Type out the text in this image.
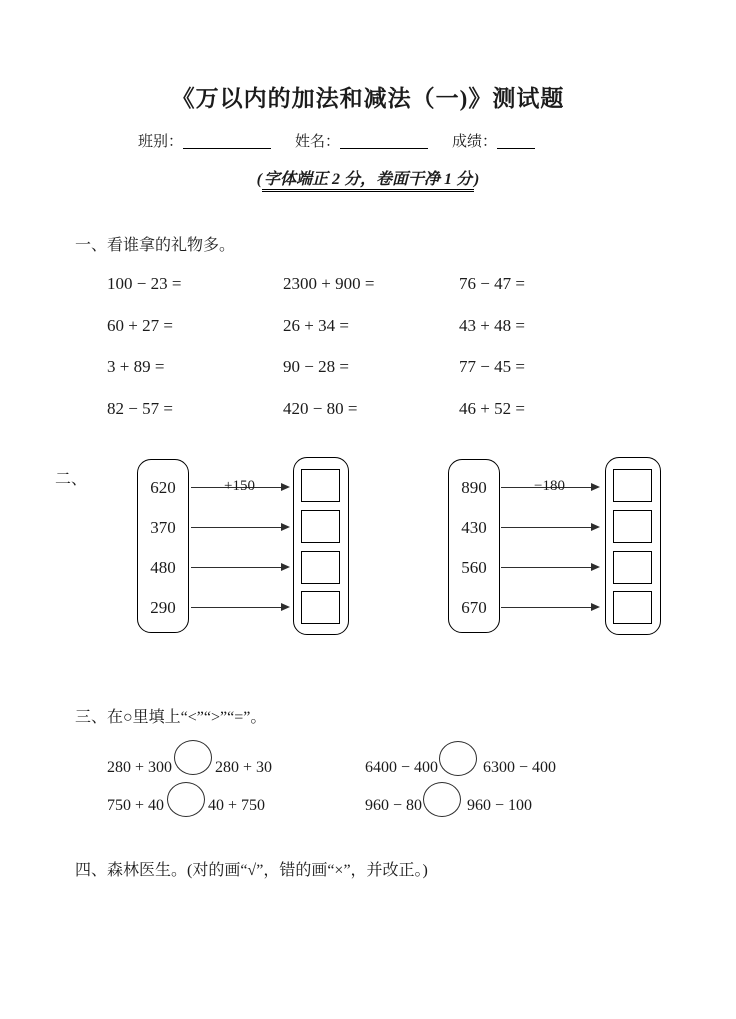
《万以内的加法和减法（一)》测试题
班别：	姓名：	成绩：
( 字体端正 2 分，卷面干净 1 分 )
一、看谁拿的礼物多。
100 − 23 =	2300 + 900 =	76 − 47 =
60 + 27 =	26 + 34 =	43 + 48 =
3 + 89 =	90 − 28 =	77 − 45 =
82 − 57 =	420 − 80 =	46 + 52 =
二、	620
370
480
290
+150	890
430
560
670
−180
三、在○里填上“<”“>”“=”。
280 + 300	280 + 30	6400 − 400	6300 − 400
750 + 40	40 + 750	960 − 80	960 − 100
四、森林医生。(对的画“√”，错的画“×”，并改正。)
